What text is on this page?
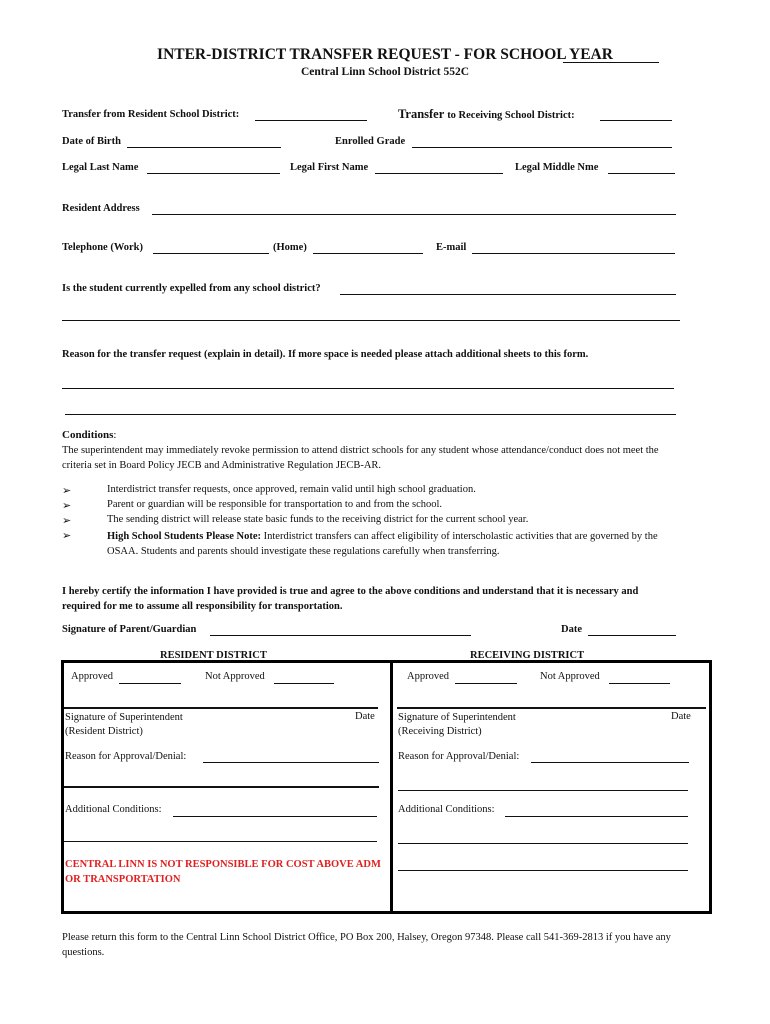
INTER-DISTRICT TRANSFER REQUEST - FOR SCHOOL YEAR
Central Linn School District 552C
Transfer from Resident School District:	Transfer to Receiving School District:
Date of Birth	Enrolled Grade
Legal Last Name	Legal First Name	Legal Middle Nme
Resident Address
Telephone (Work)	(Home)	E-mail
Is the student currently expelled from any school district?
Reason for the transfer request (explain in detail). If more space is needed please attach additional sheets to this form.
Conditions:
The superintendent may immediately revoke permission to attend district schools for any student whose attendance/conduct does not meet the criteria set in Board Policy JECB and Administrative Regulation JECB-AR.
➢	Interdistrict transfer requests, once approved, remain valid until high school graduation.
➢	Parent or guardian will be responsible for transportation to and from the school.
➢	The sending district will release state basic funds to the receiving district for the current school year.
➢	High School Students Please Note: Interdistrict transfers can affect eligibility of interscholastic activities that are governed by the OSAA. Students and parents should investigate these regulations carefully when transferring.
I hereby certify the information I have provided is true and agree to the above conditions and understand that it is necessary and required for me to assume all responsibility for transportation.
Signature of Parent/Guardian	Date
RESIDENT DISTRICT	RECEIVING DISTRICT
Approved	Not Approved
Signature of Superintendent
(Resident District)
Date
Reason for Approval/Denial:
Additional Conditions:
CENTRAL LINN IS NOT RESPONSIBLE FOR COST ABOVE ADM OR TRANSPORTATION
Approved	Not Approved
Signature of Superintendent
(Receiving District)
Date
Reason for Approval/Denial:
Additional Conditions:
Please return this form to the Central Linn School District Office, PO Box 200, Halsey, Oregon 97348. Please call 541-369-2813 if you have any questions.
